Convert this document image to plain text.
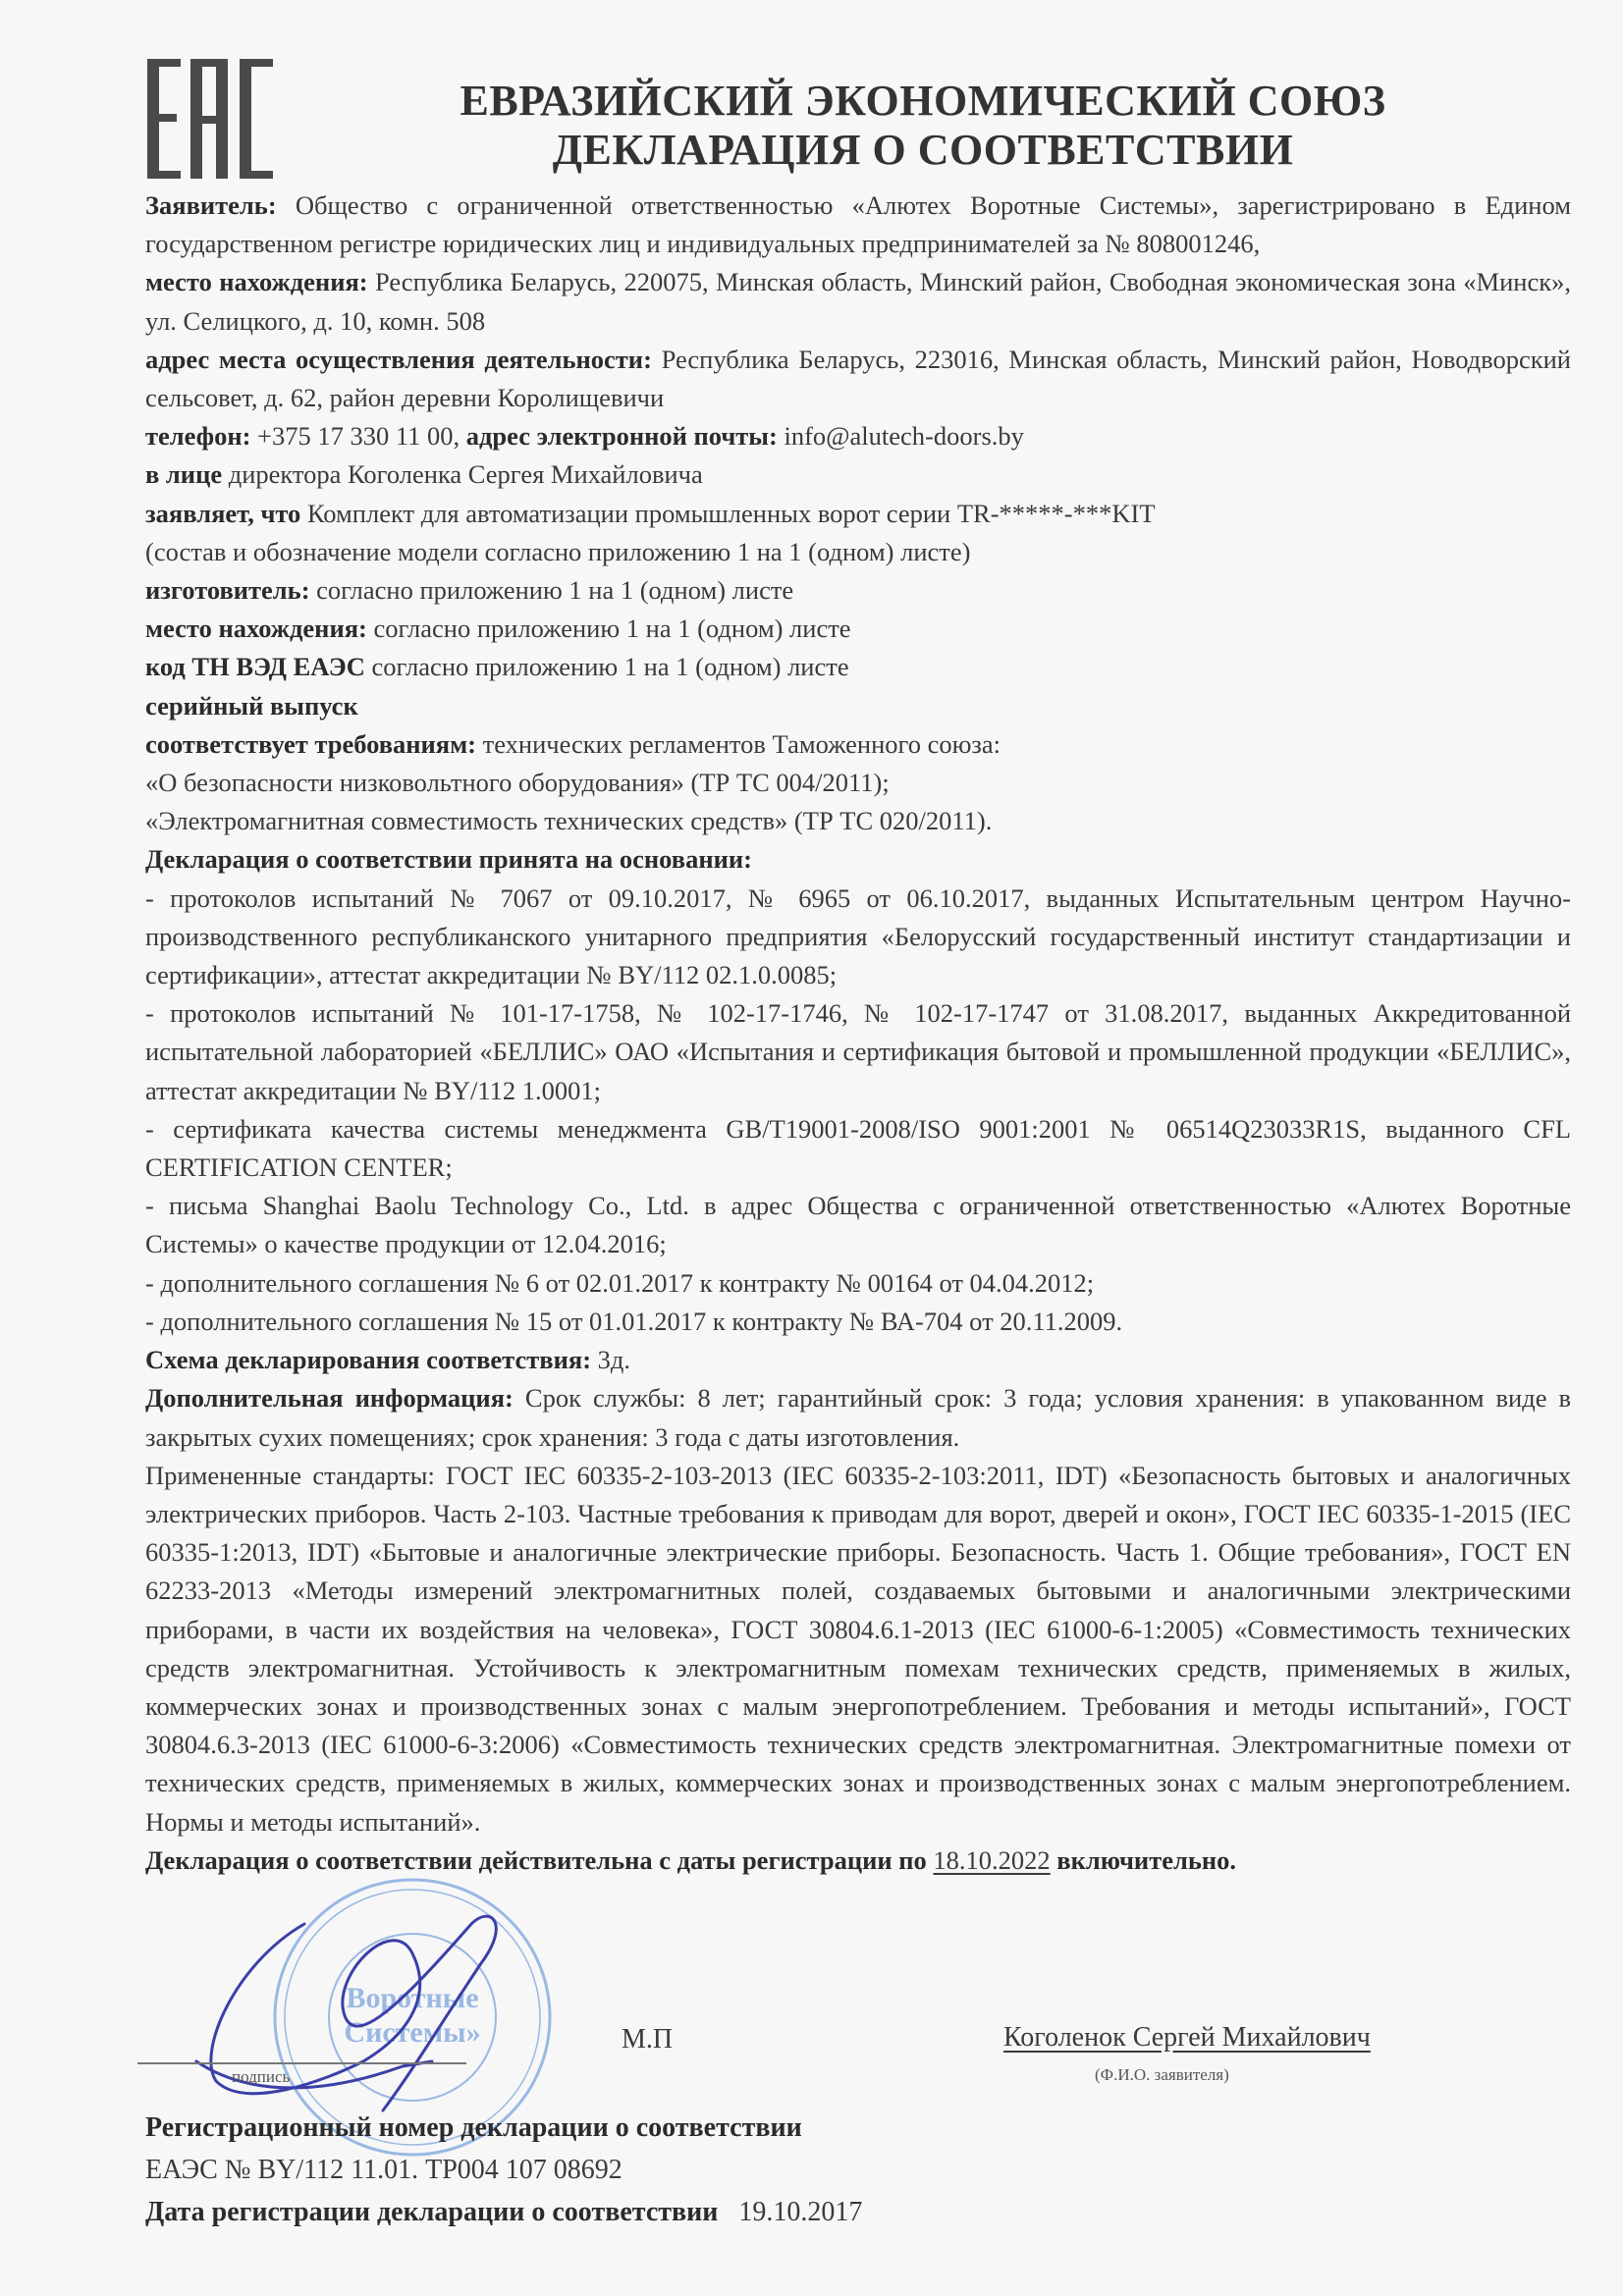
ЕВРАЗИЙСКИЙ ЭКОНОМИЧЕСКИЙ СОЮЗ
ДЕКЛАРАЦИЯ О СООТВЕТСТВИИ

Заявитель: Общество с ограниченной ответственностью «Алютех Воротные Системы», зарегистрировано в Едином государственном регистре юридических лиц и индивидуальных предпринимателей за № 808001246,

место нахождения: Республика Беларусь, 220075, Минская область, Минский район, Свободная экономическая зона «Минск», ул. Селицкого, д. 10, комн. 508

адрес места осуществления деятельности: Республика Беларусь, 223016, Минская область, Минский район, Новодворский сельсовет, д. 62, район деревни Королищевичи

телефон: +375 17 330 11 00, адрес электронной почты: info@alutech-doors.by

в лице директора Коголенка Сергея Михайловича

заявляет, что Комплект для автоматизации промышленных ворот серии TR-*****-***KIT

(состав и обозначение модели согласно приложению 1 на 1 (одном) листе)

изготовитель: согласно приложению 1 на 1 (одном) листе

место нахождения: согласно приложению 1 на 1 (одном) листе

код ТН ВЭД ЕАЭС согласно приложению 1 на 1 (одном) листе

серийный выпуск

соответствует требованиям: технических регламентов Таможенного союза:

«О безопасности низковольтного оборудования» (ТР ТС 004/2011);

«Электромагнитная совместимость технических средств» (ТР ТС 020/2011).

Декларация о соответствии принята на основании:

- протоколов испытаний № 7067 от 09.10.2017, № 6965 от 06.10.2017, выданных Испытательным центром Научно-производственного республиканского унитарного предприятия «Белорусский государственный институт стандартизации и сертификации», аттестат аккредитации № BY/112 02.1.0.0085;

- протоколов испытаний № 101-17-1758, № 102-17-1746, № 102-17-1747 от 31.08.2017, выданных Аккредитованной испытательной лабораторией «БЕЛЛИС» ОАО «Испытания и сертификация бытовой и промышленной продукции «БЕЛЛИС», аттестат аккредитации № BY/112 1.0001;

- сертификата качества системы менеджмента GB/T19001-2008/ISO 9001:2001 № 06514Q23033R1S, выданного CFL CERTIFICATION CENTER;

- письма Shanghai Baolu Technology Co., Ltd. в адрес Общества с ограниченной ответственностью «Алютех Воротные Системы» о качестве продукции от 12.04.2016;

- дополнительного соглашения № 6 от 02.01.2017 к контракту № 00164 от 04.04.2012;

- дополнительного соглашения № 15 от 01.01.2017 к контракту № ВА-704 от 20.11.2009.

Схема декларирования соответствия: 3д.

Дополнительная информация: Срок службы: 8 лет; гарантийный срок: 3 года; условия хранения: в упакованном виде в закрытых сухих помещениях; срок хранения: 3 года с даты изготовления.

Примененные стандарты: ГОСТ IEC 60335-2-103-2013 (IEC 60335-2-103:2011, IDT) «Безопасность бытовых и аналогичных электрических приборов. Часть 2-103. Частные требования к приводам для ворот, дверей и окон», ГОСТ IEC 60335-1-2015 (IEC 60335-1:2013, IDT) «Бытовые и аналогичные электрические приборы. Безопасность. Часть 1. Общие требования», ГОСТ EN 62233-2013 «Методы измерений электромагнитных полей, создаваемых бытовыми и аналогичными электрическими приборами, в части их воздействия на человека», ГОСТ 30804.6.1-2013 (IEC 61000-6-1:2005) «Совместимость технических средств электромагнитная. Устойчивость к электромагнитным помехам технических средств, применяемых в жилых, коммерческих зонах и производственных зонах с малым энергопотреблением. Требования и методы испытаний», ГОСТ 30804.6.3-2013 (IEC 61000-6-3:2006) «Совместимость технических средств электромагнитная. Электромагнитные помехи от технических средств, применяемых в жилых, коммерческих зонах и производственных зонах с малым энергопотреблением. Нормы и методы испытаний».

Декларация о соответствии действительна с даты регистрации по 18.10.2022 включительно.

Воротные
Системы»
подпись
М.П	Коголенок Сергей Михайлович
(Ф.И.О. заявителя)
Регистрационный номер декларации о соответствии
ЕАЭС № BY/112 11.01. ТР004 107 08692
Дата регистрации декларации о соответствии 19.10.2017
